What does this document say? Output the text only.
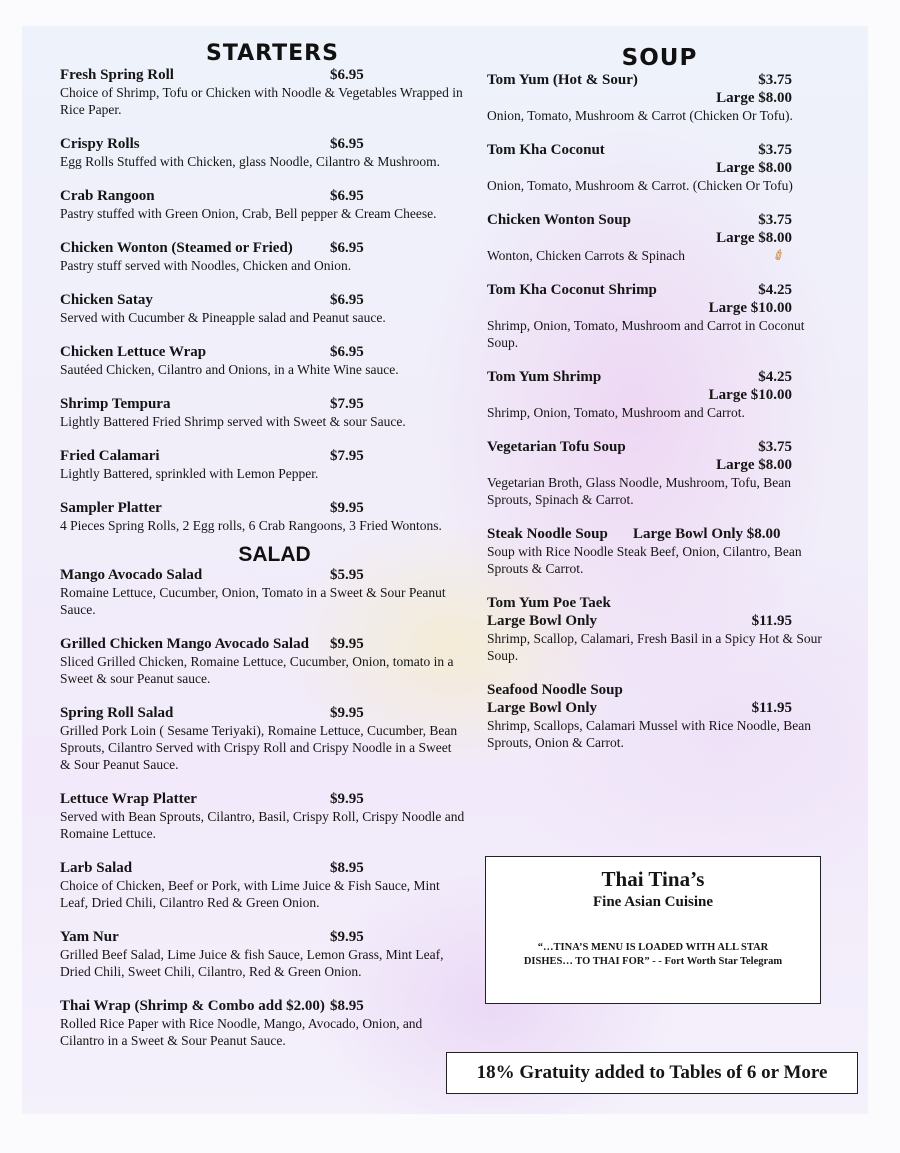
STARTERS
Fresh Spring Roll	$6.95
Choice of Shrimp, Tofu or Chicken with Noodle & Vegetables Wrapped in Rice Paper.
Crispy Rolls	$6.95
Egg Rolls Stuffed with Chicken, glass Noodle, Cilantro & Mushroom.
Crab Rangoon	$6.95
Pastry stuffed with Green Onion, Crab, Bell pepper & Cream Cheese.
Chicken Wonton (Steamed or Fried)	$6.95
Pastry stuff served with Noodles, Chicken and Onion.
Chicken Satay	$6.95
Served with Cucumber & Pineapple salad and Peanut sauce.
Chicken Lettuce Wrap	$6.95
Sautéed Chicken, Cilantro and Onions, in a White Wine sauce.
Shrimp Tempura	$7.95
Lightly Battered Fried Shrimp served with Sweet & sour Sauce.
Fried Calamari	$7.95
Lightly Battered, sprinkled with Lemon Pepper.
Sampler Platter	$9.95
4 Pieces Spring Rolls, 2 Egg rolls, 6 Crab Rangoons, 3 Fried Wontons.
SALAD
Mango Avocado Salad	$5.95
Romaine Lettuce, Cucumber, Onion, Tomato in a Sweet & Sour Peanut Sauce.
Grilled Chicken Mango Avocado Salad	$9.95
Sliced Grilled Chicken, Romaine Lettuce, Cucumber, Onion, tomato in a Sweet & sour Peanut sauce.
Spring Roll Salad	$9.95
Grilled Pork Loin ( Sesame Teriyaki), Romaine Lettuce, Cucumber, Bean Sprouts, Cilantro Served with Crispy Roll and Crispy Noodle in a Sweet & Sour Peanut Sauce.
Lettuce Wrap Platter	$9.95
Served with Bean Sprouts, Cilantro, Basil, Crispy Roll, Crispy Noodle and Romaine Lettuce.
Larb Salad	$8.95
Choice of Chicken, Beef or Pork, with Lime Juice & Fish Sauce, Mint Leaf, Dried Chili, Cilantro Red & Green Onion.
Yam Nur	$9.95
Grilled Beef Salad, Lime Juice & fish Sauce, Lemon Grass, Mint Leaf, Dried Chili, Sweet Chili, Cilantro, Red & Green Onion.
Thai Wrap (Shrimp & Combo add $2.00) $8.95
Rolled Rice Paper with Rice Noodle, Mango, Avocado, Onion, and Cilantro in a Sweet & Sour Peanut Sauce.
SOUP
Tom Yum (Hot & Sour)	$3.75
Large $8.00
Onion, Tomato, Mushroom & Carrot (Chicken Or Tofu).
Tom Kha Coconut	$3.75
Large $8.00
Onion, Tomato, Mushroom & Carrot. (Chicken Or Tofu)
Chicken Wonton Soup	$3.75
Large $8.00
Wonton, Chicken Carrots & Spinach
Tom Kha Coconut Shrimp	$4.25
Large $10.00
Shrimp, Onion, Tomato, Mushroom and Carrot in Coconut Soup.
Tom Yum Shrimp	$4.25
Large $10.00
Shrimp, Onion, Tomato, Mushroom and Carrot.
Vegetarian Tofu Soup	$3.75
Large $8.00
Vegetarian Broth, Glass Noodle, Mushroom, Tofu, Bean Sprouts, Spinach & Carrot.
Steak Noodle Soup	Large Bowl Only $8.00
Soup with Rice Noodle Steak Beef, Onion, Cilantro, Bean Sprouts & Carrot.
Tom Yum Poe Taek
Large Bowl Only	$11.95
Shrimp, Scallop, Calamari, Fresh Basil in a Spicy Hot & Sour Soup.
Seafood Noodle Soup
Large Bowl Only	$11.95
Shrimp, Scallops, Calamari Mussel with Rice Noodle, Bean Sprouts, Onion & Carrot.
✐
Thai Tina’s
Fine Asian Cuisine
“…TINA’S MENU IS LOADED WITH ALL STAR
DISHES… TO THAI FOR” - - Fort Worth Star Telegram
18% Gratuity added to Tables of 6 or More
